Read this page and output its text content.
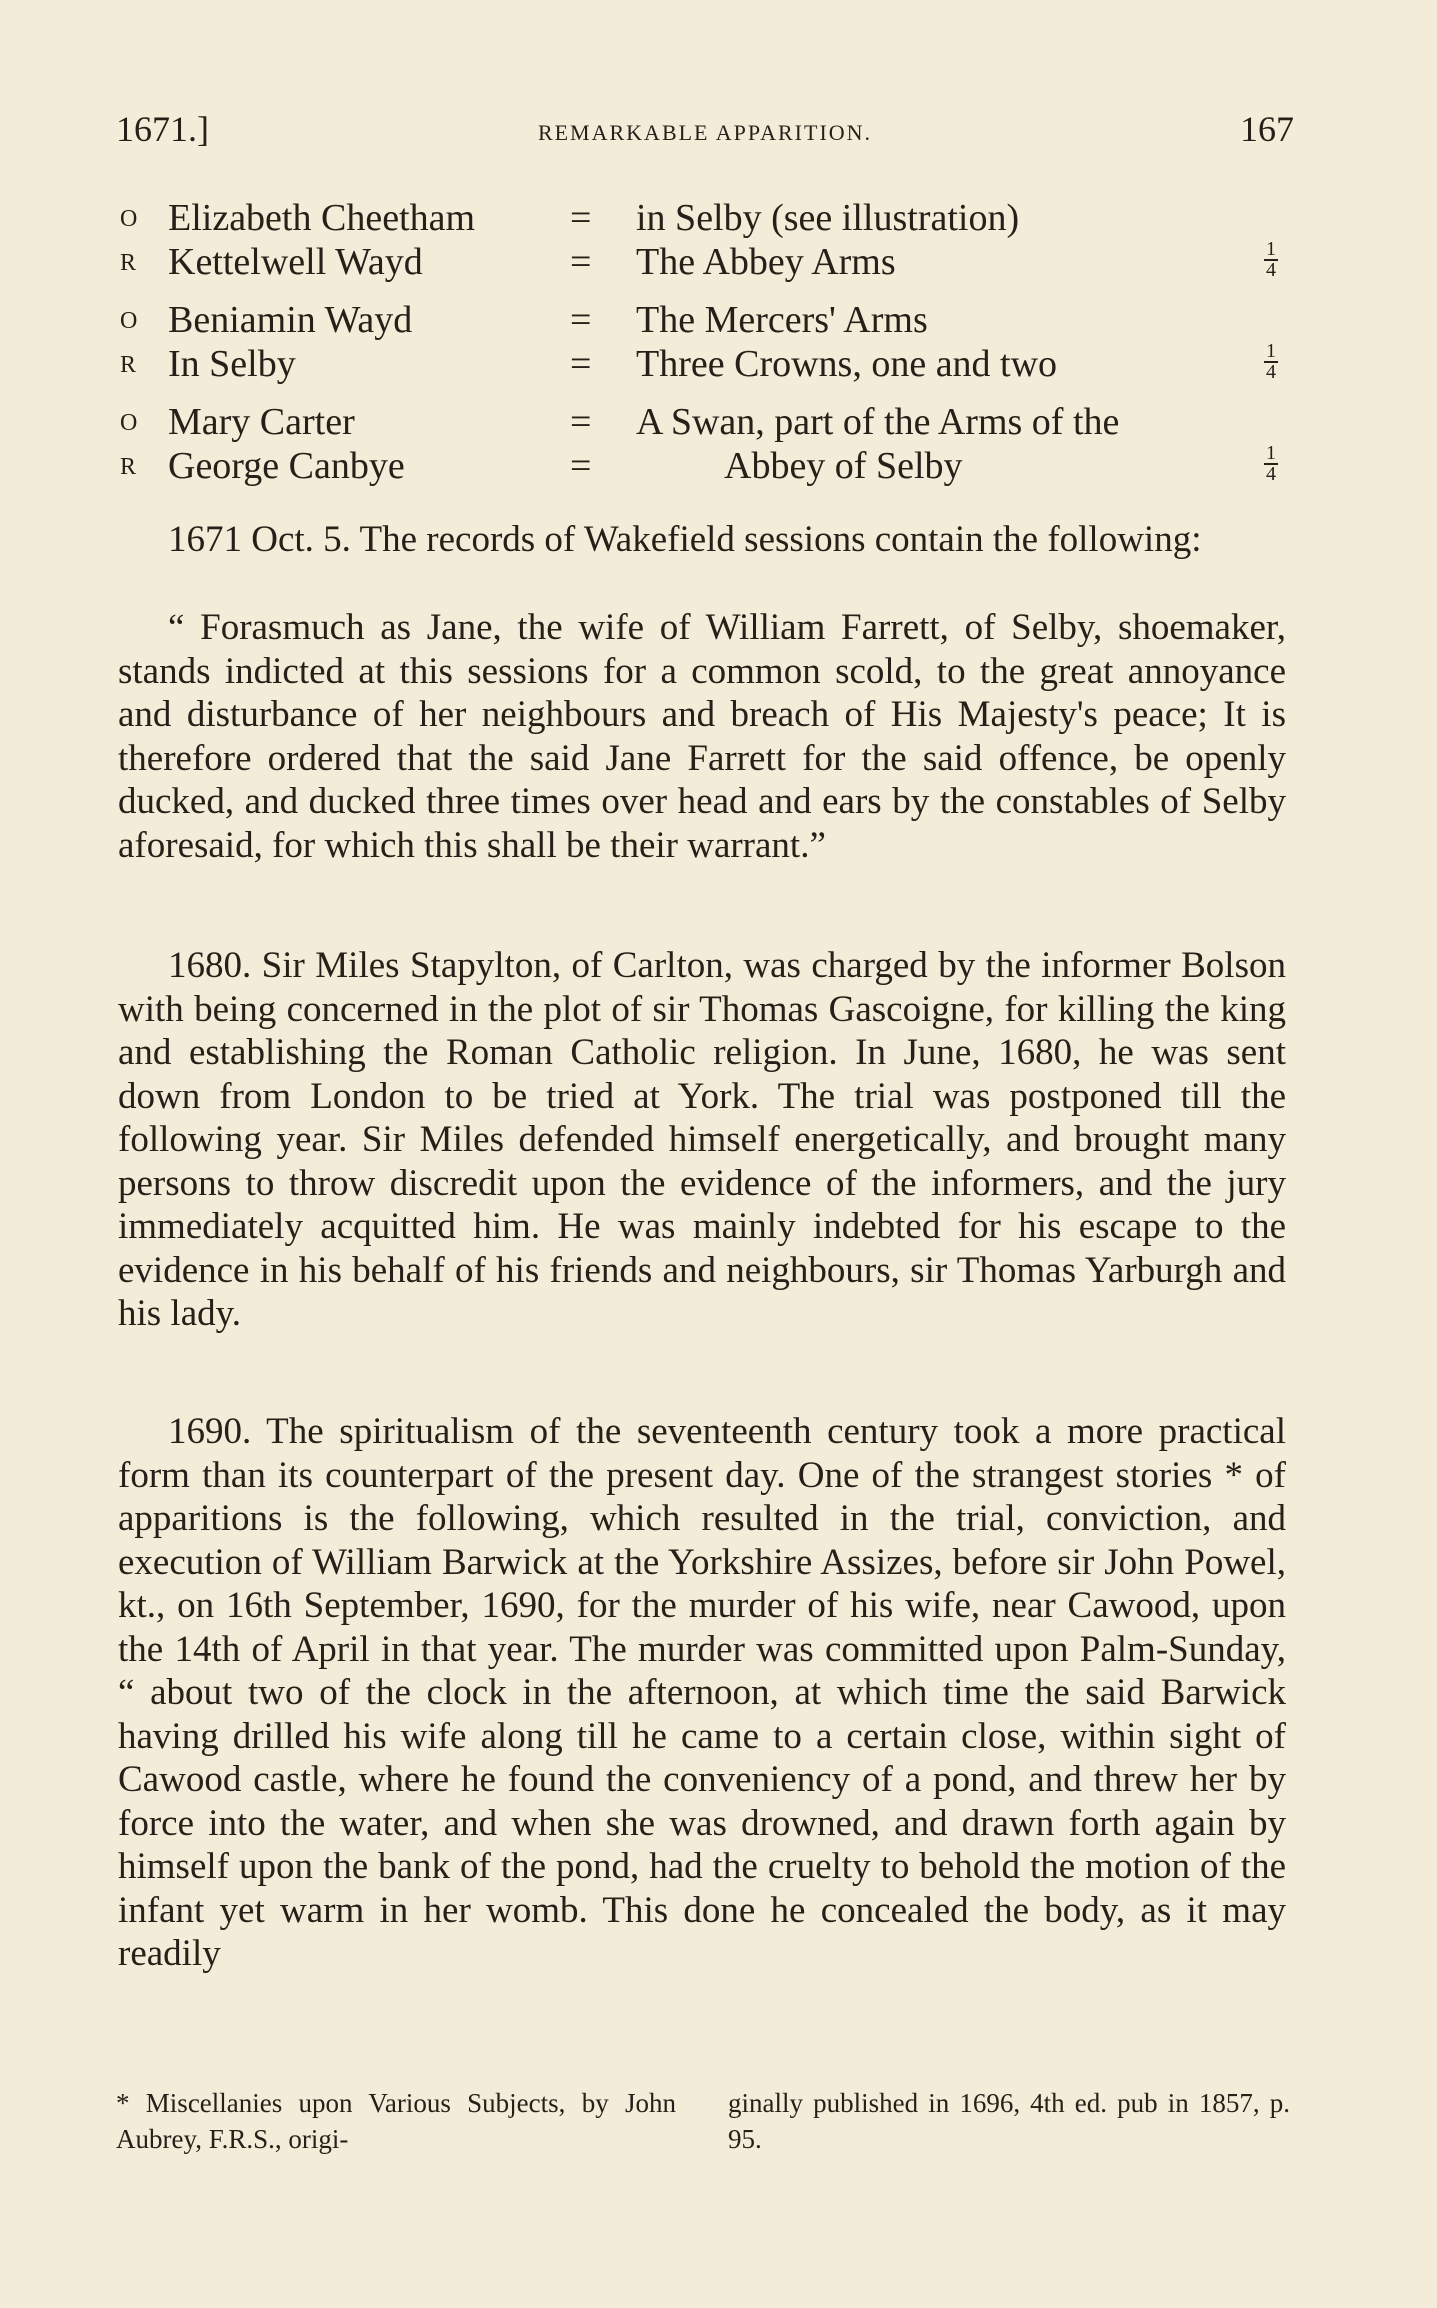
1671.]	REMARKABLE APPARITION.	167
O Elizabeth Cheetham = in Selby (see illustration)
R Kettelwell Wayd	= The Abbey Arms	$\frac{1}{4}$
O Beniamin Wayd	= The Mercers' Arms
R In Selby	= Three Crowns, one and two	$\frac{1}{4}$
O Mary Carter	= A Swan, part of the Arms of the
R George Canbye	=	Abbey of Selby	$\frac{1}{4}$

1671 Oct. 5. The records of Wakefield sessions contain the following:

“ Forasmuch as Jane, the wife of William Farrett, of Selby, shoemaker, stands indicted at this sessions for a common scold, to the great annoyance and disturbance of her neighbours and breach of His Majesty's peace; It is therefore ordered that the said Jane Farrett for the said offence, be openly ducked, and ducked three times over head and ears by the constables of Selby aforesaid, for which this shall be their warrant.”

1680. Sir Miles Stapylton, of Carlton, was charged by the informer Bolson with being concerned in the plot of sir Thomas Gascoigne, for killing the king and establishing the Roman Catholic religion. In June, 1680, he was sent down from London to be tried at York. The trial was postponed till the following year. Sir Miles defended himself energetically, and brought many persons to throw discredit upon the evidence of the informers, and the jury immediately acquitted him. He was mainly indebted for his escape to the evidence in his behalf of his friends and neighbours, sir Thomas Yarburgh and his lady.

1690. The spiritualism of the seventeenth century took a more practical form than its counterpart of the present day. One of the strangest stories * of apparitions is the following, which resulted in the trial, conviction, and execution of William Barwick at the Yorkshire Assizes, before sir John Powel, kt., on 16th September, 1690, for the murder of his wife, near Cawood, upon the 14th of April in that year. The murder was committed upon Palm-Sunday, “ about two of the clock in the afternoon, at which time the said Barwick having drilled his wife along till he came to a certain close, within sight of Cawood castle, where he found the conveniency of a pond, and threw her by force into the water, and when she was drowned, and drawn forth again by himself upon the bank of the pond, had the cruelty to behold the motion of the infant yet warm in her womb. This done he concealed the body, as it may readily

* Miscellanies upon Various Subjects, by John Aubrey, F.R.S., origi-
ginally published in 1696, 4th ed. pub in 1857, p. 95.
